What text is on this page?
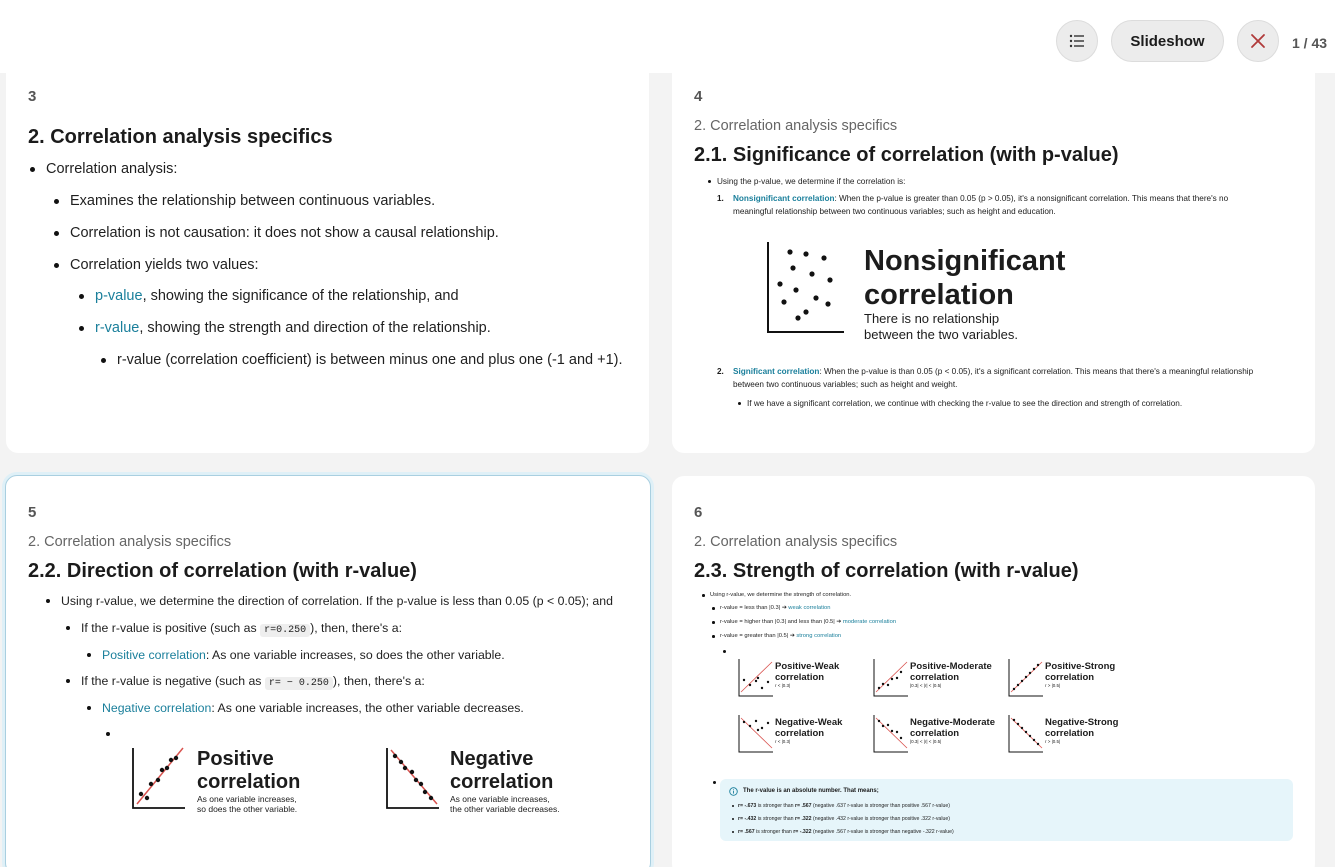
Slideshow	1 / 43
3
2. Correlation analysis specifics
Correlation analysis:
Examines the relationship between continuous variables.
Correlation is not causation: it does not show a causal relationship.
Correlation yields two values:
p-value, showing the significance of the relationship, and
r-value, showing the strength and direction of the relationship.
r-value (correlation coefficient) is between minus one and plus one (-1 and +1).
4
2. Correlation analysis specifics
2.1. Significance of correlation (with p-value)
Using the p-value, we determine if the correlation is:
1. Nonsignificant correlation: When the p-value is greater than 0.05 (p > 0.05), it's a nonsignificant correlation. This means that there's no
meaningful relationship between two continuous variables; such as height and education.
Nonsignificant
correlation
There is no relationship
between the two variables.
2. Significant correlation: When the p-value is than 0.05 (p < 0.05), it's a significant correlation. This means that there's a meaningful relationship
between two continuous variables; such as height and weight.
If we have a significant correlation, we continue with checking the r-value to see the direction and strength of correlation.
5
2. Correlation analysis specifics
2.2. Direction of correlation (with r-value)
Using r-value, we determine the direction of correlation. If the p-value is less than 0.05 (p < 0.05); and
If the r-value is positive (such as r=0.250 ), then, there's a:
Positive correlation: As one variable increases, so does the other variable.
If the r-value is negative (such as r= − 0.250 ), then, there's a:
Negative correlation: As one variable increases, the other variable decreases.
Positive
correlation
As one variable increases,
so does the other variable.
Negative
correlation
As one variable increases,
the other variable decreases.
6
2. Correlation analysis specifics
2.3. Strength of correlation (with r-value)
Using r-value, we determine the strength of correlation.
r-value = less than |0.3| ➔ weak correlation
r-value = higher than |0.3| and less than |0.5| ➔ moderate correlation
r-value = greater than |0.5| ➔ strong correlation
Positive-Weak
correlation
r < |0.3|
Positive-Moderate
correlation
|0.3| < |r| < |0.5|
Positive-Strong
correlation
r > |0.5|
Negative-Weak
correlation
r < |0.3|
Negative-Moderate
correlation
|0.3| < |r| < |0.5|
Negative-Strong
correlation
r > |0.5|
The r-value is an absolute number. That means;
r= -.673 is stronger than r= .567 (negative .637 r-value is stronger than positive .567 r-value)
r= -.432 is stronger than r= .322 (negative .432 r-value is stronger than positive .322 r-value)
r= .567 is stronger than r= -.322 (negative .567 r-value is stronger than negative -.322 r-value)
